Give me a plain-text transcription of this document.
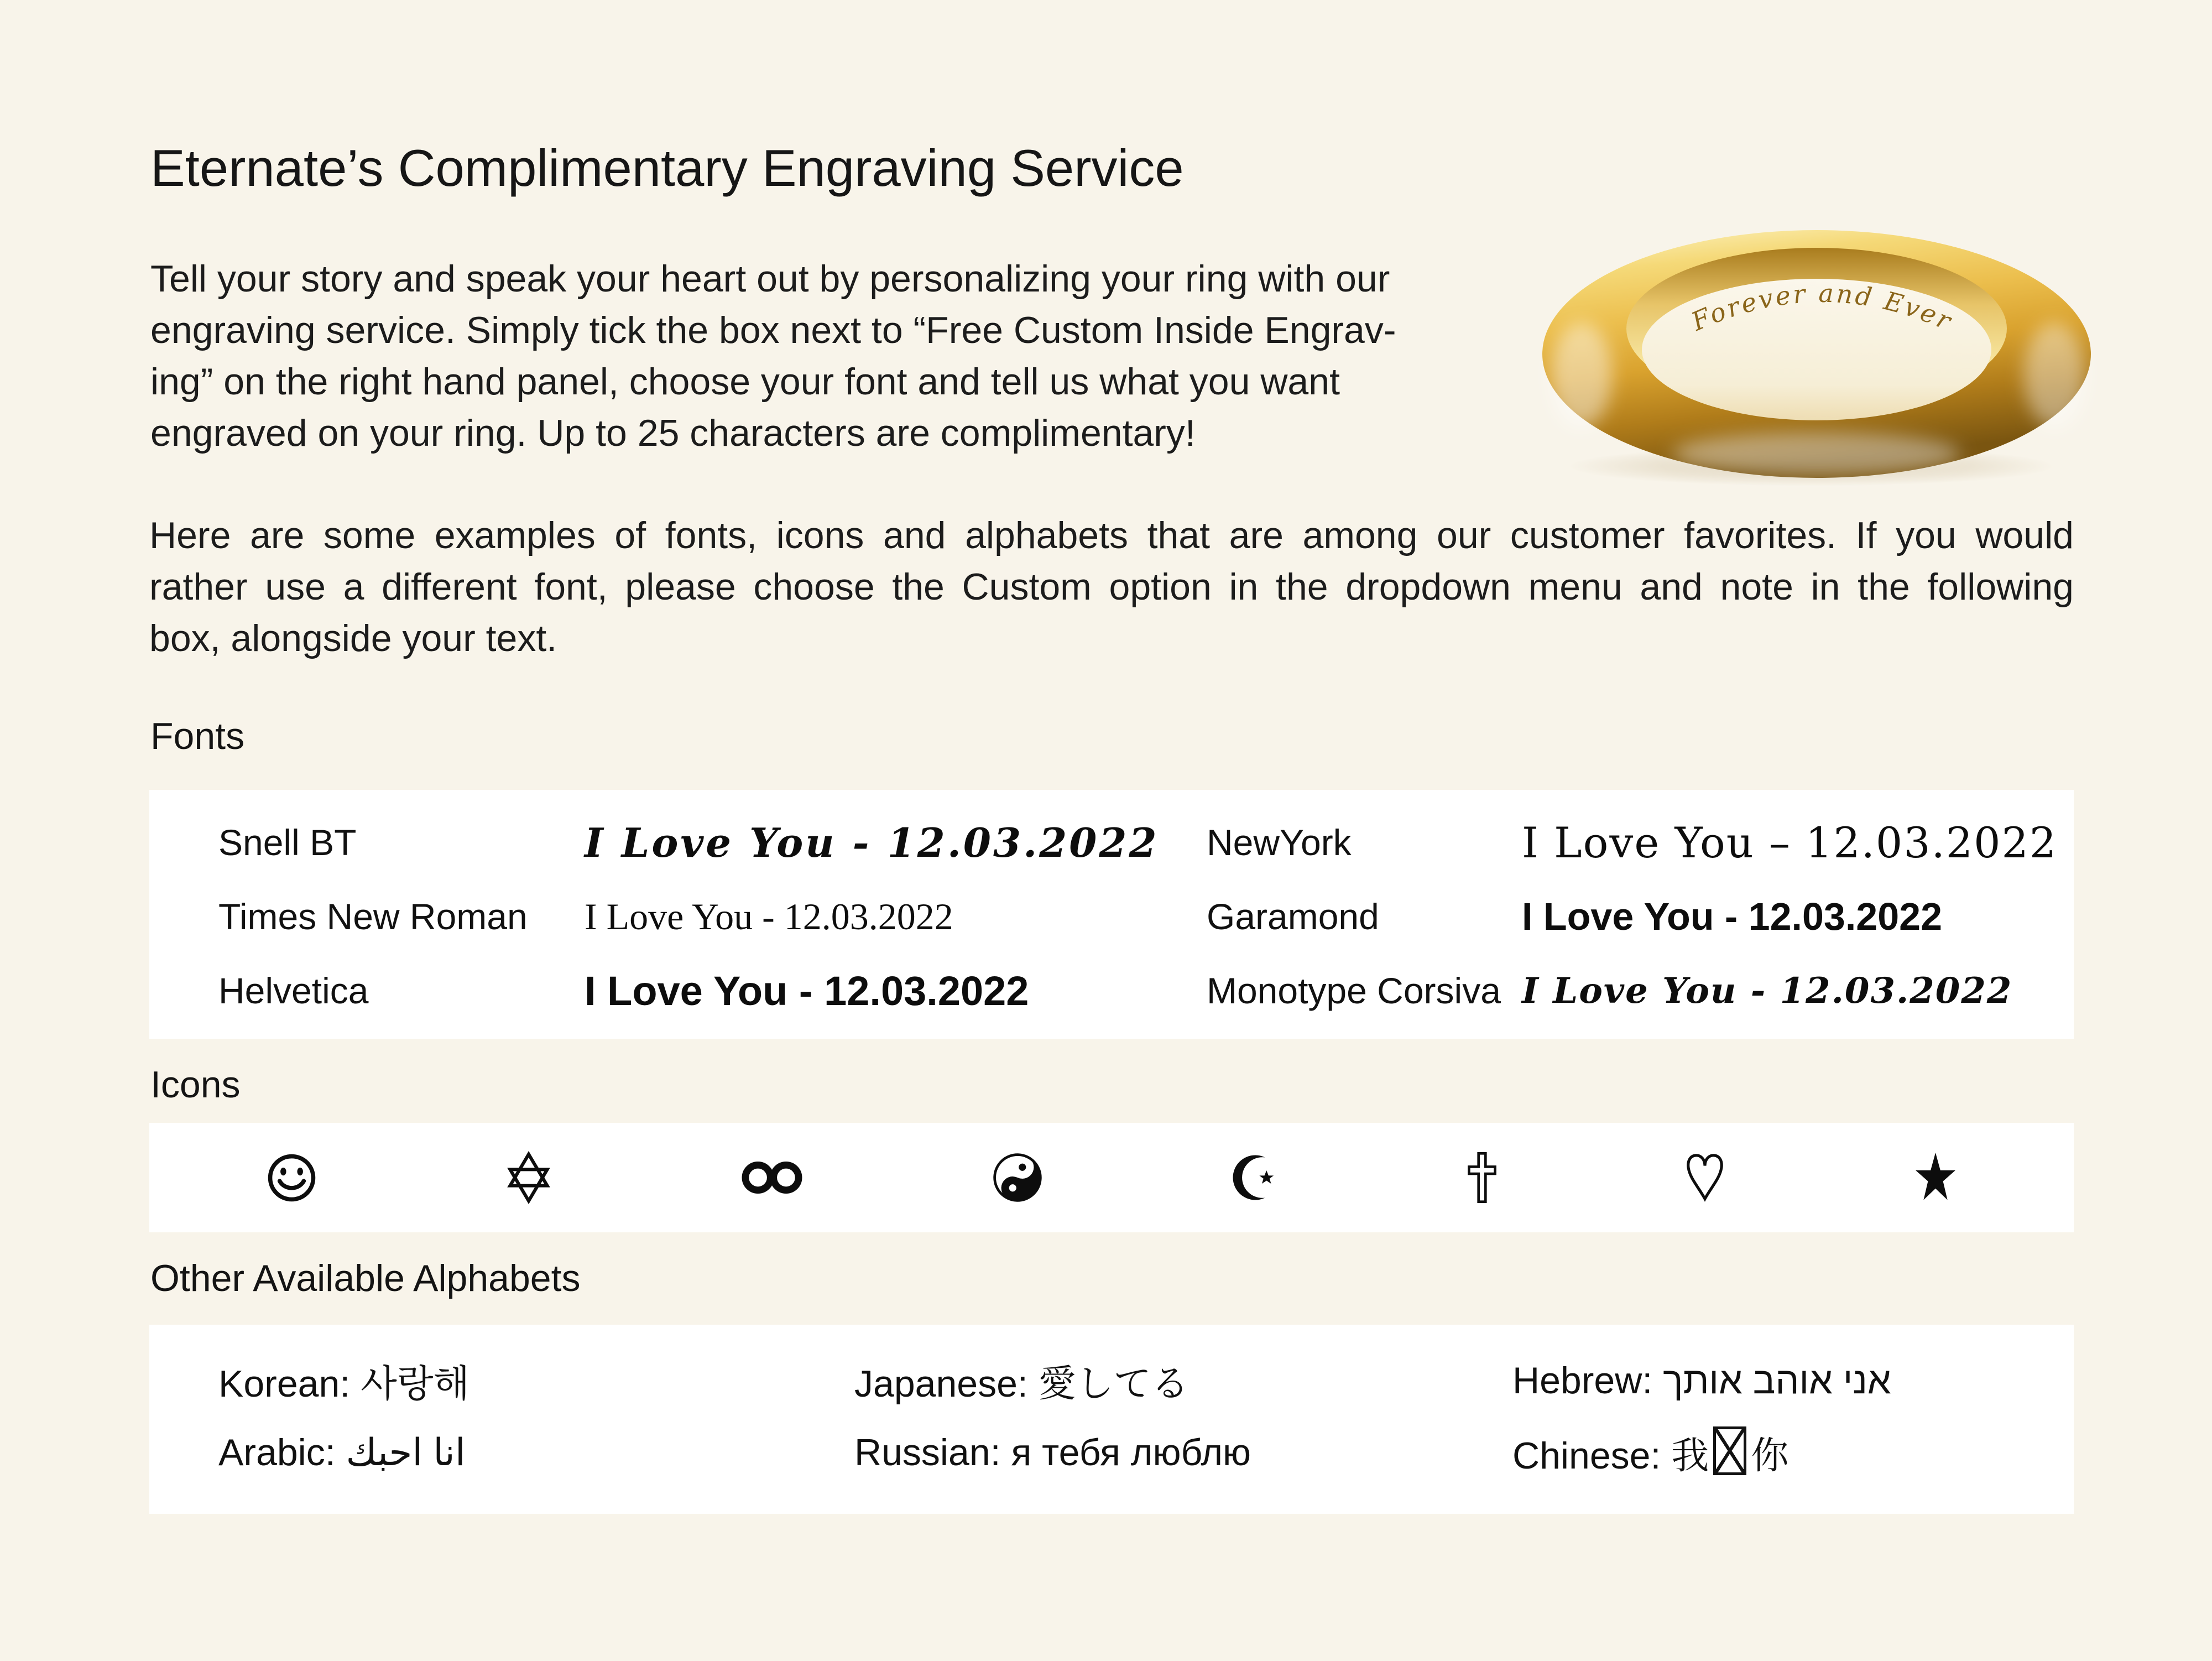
Eternate’s Complimentary Engraving Service
Tell your story and speak your heart out by personalizing your ring with our
engraving service. Simply tick the box next to “Free Custom Inside Engrav-
ing” on the right hand panel, choose your font and tell us what you want
engraved on your ring. Up to 25 characters are complimentary!
Forever and Ever
Here are some examples of fonts, icons and alphabets that are among our customer favorites. If you would
rather use a different font, please choose the Custom option in the dropdown menu and note in the following
box, alongside your text.
Fonts
Snell BT	I Love You - 12.03.2022	NewYork	I Love You – 12.03.2022
Times New Roman	I Love You - 12.03.2022	Garamond	I Love You - 12.03.2022
Helvetica	I Love You - 12.03.2022	Monotype Corsiva I Love You - 12.03.2022
Icons
Other Available Alphabets
Korean: 사랑해	Japanese: 愛してる	Hebrew: אני אוהב אותך
Arabic: انا احبك	Russian: я тебя люблю	Chinese: 我 你
